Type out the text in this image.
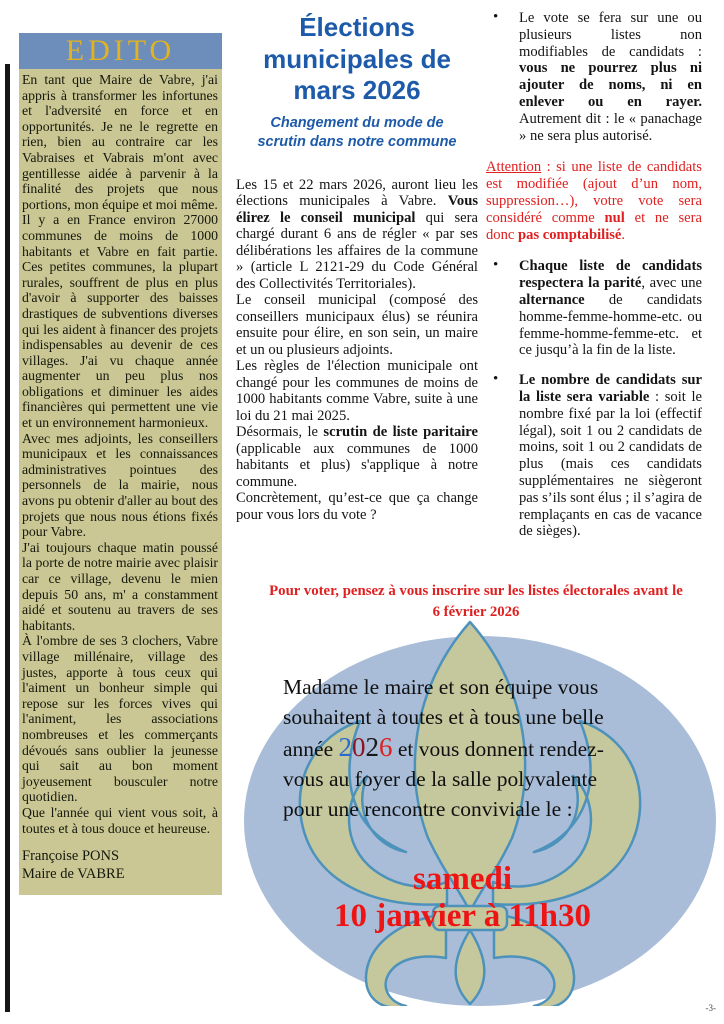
EDITO

En tant que Maire de Vabre, j'ai appris à transformer les infortunes et l'adversité en force et en opportunités. Je ne le regrette en rien, bien au contraire car les Vabraises et Vabrais m'ont avec gentillesse aidée à parvenir à la finalité des projets que nous portions, mon équipe et moi même.

Il y a en France environ 27000 communes de moins de 1000 habitants et Vabre en fait partie. Ces petites communes, la plupart rurales, souffrent de plus en plus d'avoir à supporter des baisses drastiques de subventions diverses qui les aident à financer des projets indispensables au devenir de ces villages. J'ai vu chaque année augmenter un peu plus nos obligations et diminuer les aides financières qui permettent une vie et un environnement harmonieux.

Avec mes adjoints, les conseillers municipaux et les connaissances administratives pointues des personnels de la mairie, nous avons pu obtenir d'aller au bout des projets que nous nous étions fixés pour Vabre.

J'ai toujours chaque matin poussé la porte de notre mairie avec plaisir car ce village, devenu le mien depuis 50 ans, m' a constamment aidé et soutenu au travers de ses habitants.

À l'ombre de ses 3 clochers, Vabre village millénaire, village des justes, apporte à tous ceux qui l'aiment un bonheur simple qui repose sur les forces vives qui l'animent, les associations nombreuses et les commerçants dévoués sans oublier la jeunesse qui sait au bon moment joyeusement bousculer notre quotidien.

Que l'année qui vient vous soit, à toutes et à tous douce et heureuse.

Françoise PONS
Maire de VABRE
Élections municipales de mars 2026
Changement du mode de scrutin dans notre commune

Les 15 et 22 mars 2026, auront lieu les élections municipales à Vabre. Vous élirez le conseil municipal qui sera chargé durant 6 ans de régler « par ses délibérations les affaires de la commune » (article L 2121-29 du Code Général des Collectivités Territoriales).

Le conseil municipal (composé des conseillers municipaux élus) se réunira ensuite pour élire, en son sein, un maire et un ou plusieurs adjoints.

Les règles de l'élection municipale ont changé pour les communes de moins de 1000 habitants comme Vabre, suite à une loi du 21 mai 2025.

Désormais, le scrutin de liste paritaire (applicable aux communes de 1000 habitants et plus) s'applique à notre commune.

Concrètement, qu’est-ce que ça change pour vous lors du vote ?

• Le vote se fera sur une ou plusieurs listes non modifiables de candidats : vous ne pourrez plus ni ajouter de noms, ni en enlever ou en rayer. Autrement dit : le « panachage » ne sera plus autorisé.
Attention : si une liste de candidats est modifiée (ajout d’un nom, suppression…), votre vote sera considéré comme nul et ne sera donc pas comptabilisé.
• Chaque liste de candidats respectera la parité, avec une alternance de candidats homme-femme-homme-etc. ou femme-homme-femme-etc. et ce jusqu’à la fin de la liste.
• Le nombre de candidats sur la liste sera variable : soit le nombre fixé par la loi (effectif légal), soit 1 ou 2 candidats de moins, soit 1 ou 2 candidats de plus (mais ces candidats supplémentaires ne siègeront pas s’ils sont élus ; il s’agira de remplaçants en cas de vacance de sièges).
Pour voter, pensez à vous inscrire sur les listes électorales avant le
6 février 2026

Madame le maire et son équipe vous
souhaitent à toutes et à tous une belle
année 2026 et vous donnent rendez-
vous au foyer de la salle polyvalente
pour une rencontre conviviale le :

samedi
10 janvier à 11h30
-3-
